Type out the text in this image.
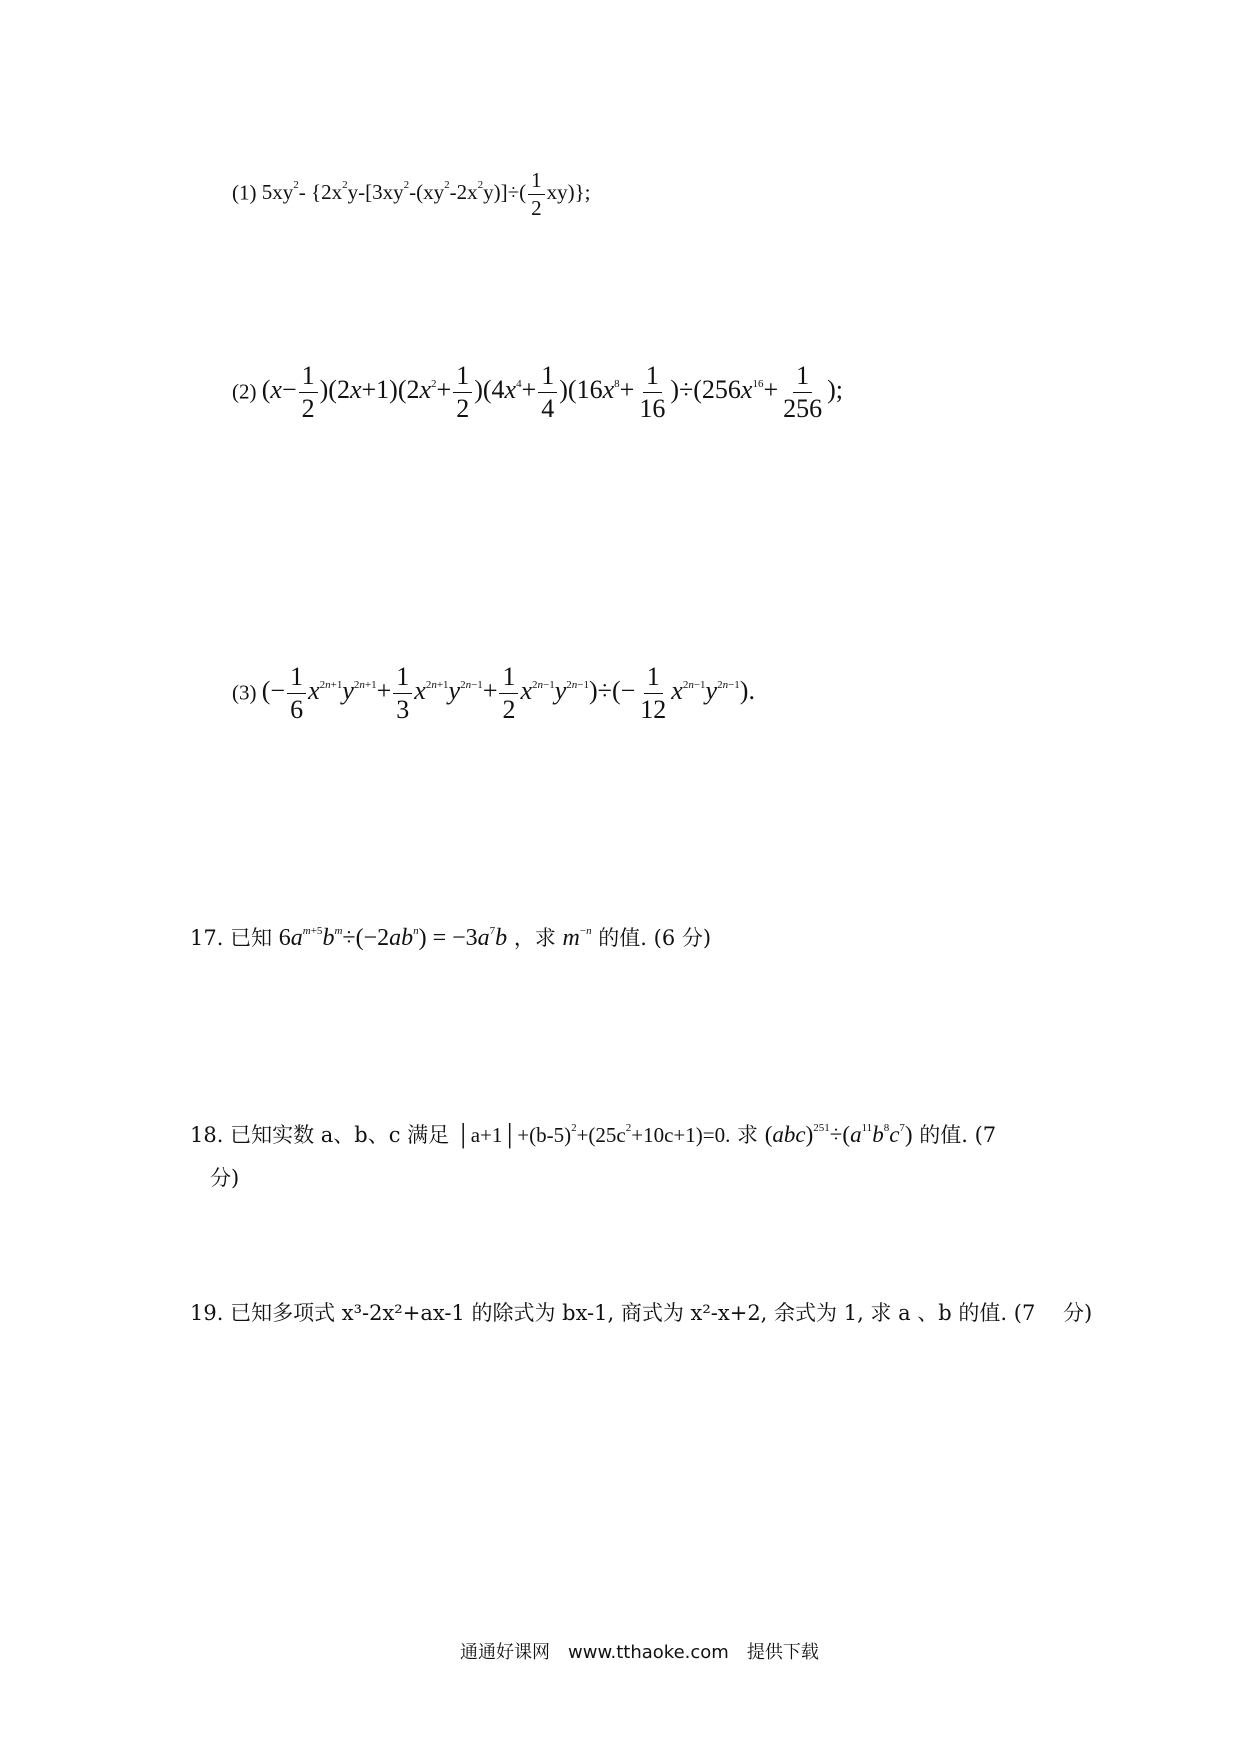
(1) $5xy^2-$ $\{2x^2y-[3xy^2-(xy^2-2x^2y)]\div( \frac{1}{2} xy)\}$;
(2) $(x- \frac{1}{2} )(2x+1)(2x^2+ \frac{1}{2} )(4x^4+ \frac{1}{4} )(16x^8+ \frac{1}{16} )\div(256x^{16}+ \frac{1}{256}$ );
(3) (− $\frac{1}{6} x^{2n+1}y^{2n+1}+ \frac{1}{3} x^{2n+1}y^{2n-1}+ \frac{1}{2} x^{2n-1}y^{2n-1})\div(- \frac{1}{12} x^{2n-1}y^{2n-1})$.
17. 已知 $6a^{m+5}b^m\div(-2ab^n) = -3a^7b$ ，求 $m^{-n}$ 的值. (6 分)
18. 已知实数 a、b、c 满足 $│a+1│+(b-5)^2+(25c^2+10c+1)=0$. 求 $(abc)^{251}\div(a^{11}b^8c^7)$ 的值. (7
分)
19. 已知多项式 x³-2x²+ax-1 的除式为 bx-1, 商式为 x²-x+2, 余式为 1, 求 a 、b 的值. (7　 分)
通通好课网　www.tthaoke.com　提供下载
